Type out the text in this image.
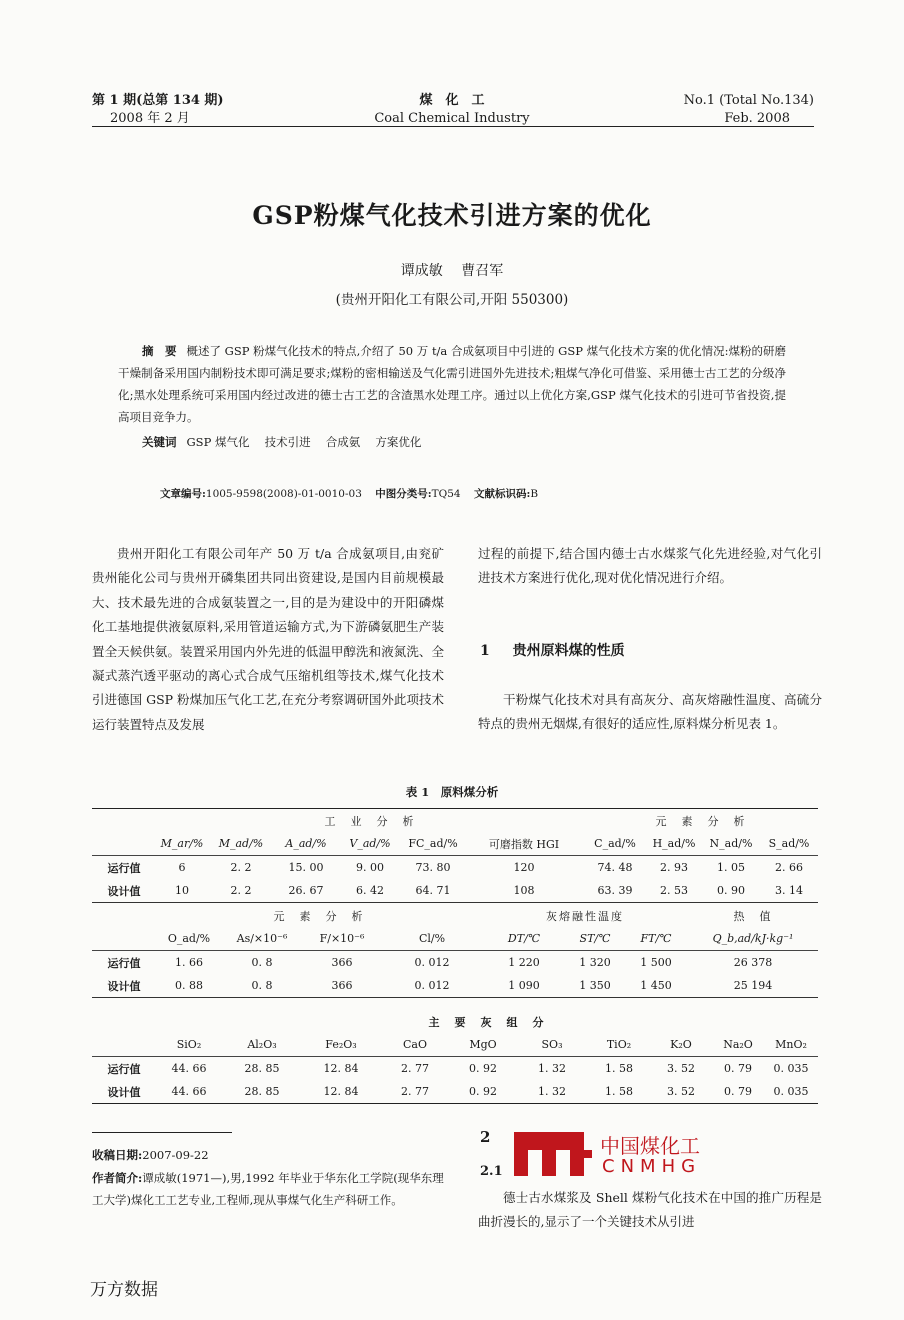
第 1 期(总第 134 期)
2008 年 2 月
煤　化　工
Coal Chemical Industry
No.1 (Total No.134)
Feb. 2008
GSP粉煤气化技术引进方案的优化
谭成敏　 曹召军
(贵州开阳化工有限公司,开阳 550300)
摘　要 概述了 GSP 粉煤气化技术的特点,介绍了 50 万 t/a 合成氨项目中引进的 GSP 煤气化技术方案的优化情况:煤粉的研磨干燥制备采用国内制粉技术即可满足要求;煤粉的密相输送及气化需引进国外先进技术;粗煤气净化可借鉴、采用德士古工艺的分级净化;黑水处理系统可采用国内经过改进的德士古工艺的含渣黑水处理工序。通过以上优化方案,GSP 煤气化技术的引进可节省投资,提高项目竞争力。
关键词 GSP 煤气化　 技术引进　 合成氨　 方案优化
文章编号:1005-9598(2008)-01-0010-03 中图分类号:TQ54 文献标识码:B

贵州开阳化工有限公司年产 50 万 t/a 合成氨项目,由兖矿贵州能化公司与贵州开磷集团共同出资建设,是国内目前规模最大、技术最先进的合成氨装置之一,目的是为建设中的开阳磷煤化工基地提供液氨原料,采用管道运输方式,为下游磷氨肥生产装置全天候供氨。装置采用国内外先进的低温甲醇洗和液氮洗、全凝式蒸汽透平驱动的离心式合成气压缩机组等技术,煤气化技术引进德国 GSP 粉煤加压气化工艺,在充分考察调研国外此项技术运行装置特点及发展

过程的前提下,结合国内德士古水煤浆气化先进经验,对气化引进技术方案进行优化,现对优化情况进行介绍。

1 贵州原料煤的性质

干粉煤气化技术对具有高灰分、高灰熔融性温度、高硫分特点的贵州无烟煤,有很好的适应性,原料煤分析见表 1。

表 1　原料煤分析
	工　业　分　析						元　素　分　析			
	M_ar/%	M_ad/%	A_ad/%	V_ad/%	FC_ad/%	可磨指数 HGI	C_ad/%	H_ad/%	N_ad/%	S_ad/%
运行值	6	2. 2	15. 00	9. 00	73. 80	120	74. 48	2. 93	1. 05	2. 66
设计值	10	2. 2	26. 67	6. 42	64. 71	108	63. 39	2. 53	0. 90	3. 14
	元　素　分　析				灰熔融性温度			热　值
	O_ad/%	As/×10⁻⁶	F/×10⁻⁶	Cl/%	DT/℃	ST/℃	FT/℃	Q_b,ad/kJ·kg⁻¹
运行值	1. 66	0. 8	366	0. 012	1 220	1 320	1 500	26 378
设计值	0. 88	0. 8	366	0. 012	1 090	1 350	1 450	25 194
	主　要　灰　组　分									
	SiO₂	Al₂O₃	Fe₂O₃	CaO	MgO	SO₃	TiO₂	K₂O	Na₂O	MnO₂
运行值	44. 66	28. 85	12. 84	2. 77	0. 92	1. 32	1. 58	3. 52	0. 79	0. 035
设计值	44. 66	28. 85	12. 84	2. 77	0. 92	1. 32	1. 58	3. 52	0. 79	0. 035
收稿日期:2007-09-22
作者简介:谭成敏(1971—),男,1992 年毕业于华东化工学院(现华东理工大学)煤化工工艺专业,工程师,现从事煤气化生产科研工作。
2
2.1
中国煤化工
CNMHG

德士古水煤浆及 Shell 煤粉气化技术在中国的推广历程是曲折漫长的,显示了一个关键技术从引进

万方数据
